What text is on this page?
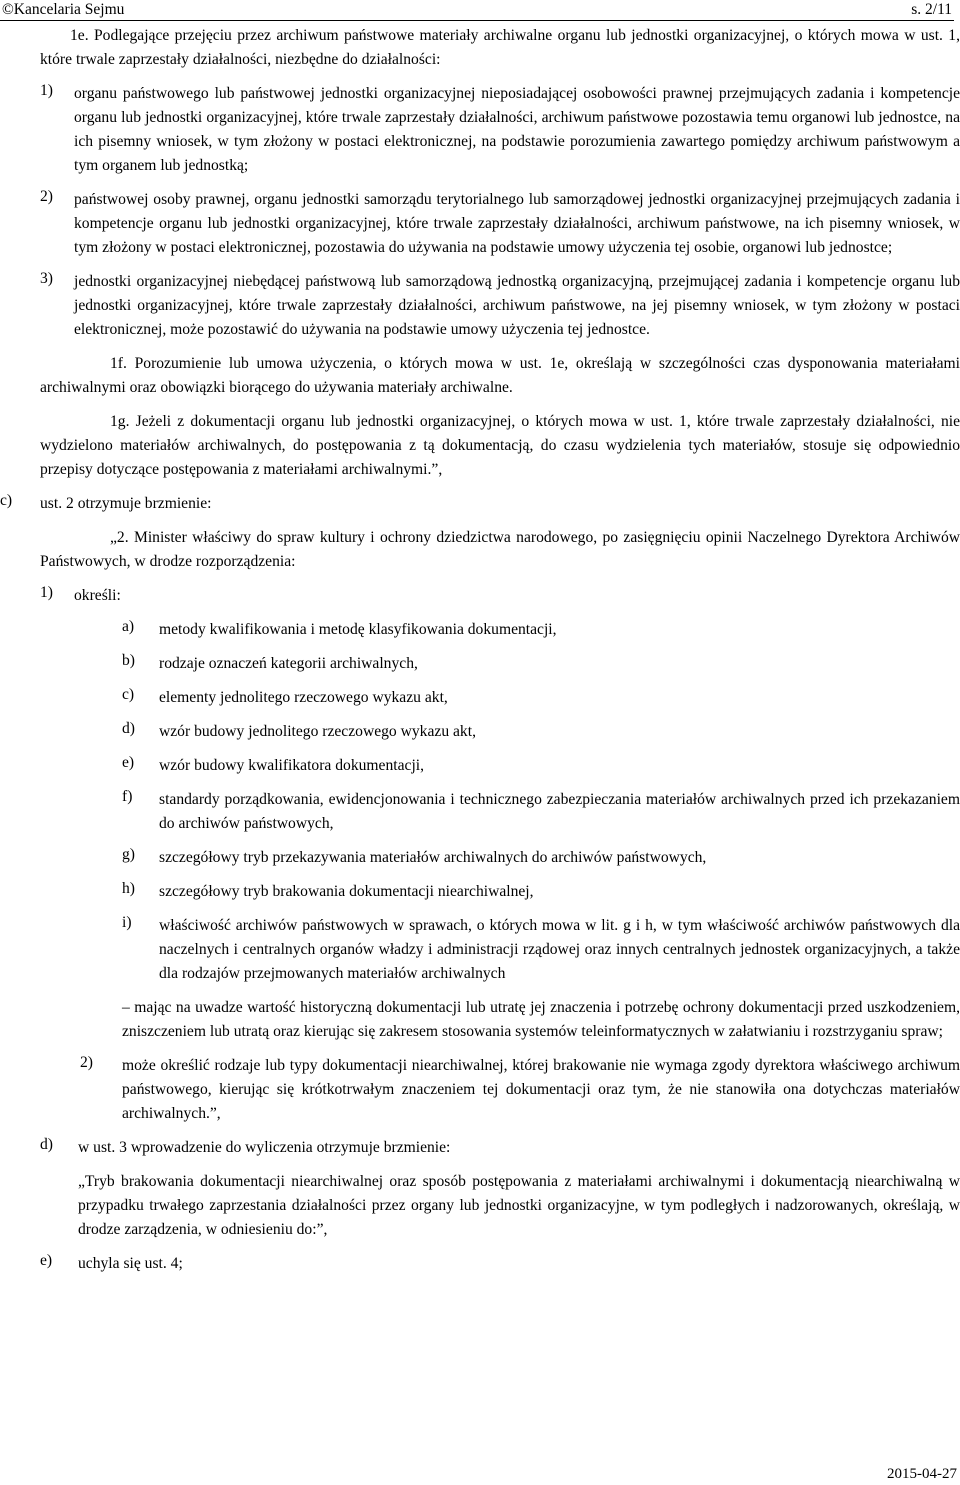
©Kancelaria Sejmu	s. 2/11

1e. Podlegające przejęciu przez archiwum państwowe materiały archiwalne organu lub jednostki organizacyjnej, o których mowa w ust. 1, które trwale zaprzestały działalności, niezbędne do działalności:

1) organu państwowego lub państwowej jednostki organizacyjnej nieposiadającej osobowości prawnej przejmujących zadania i kompetencje organu lub jednostki organizacyjnej, które trwale zaprzestały działalności, archiwum państwowe pozostawia temu organowi lub jednostce, na ich pisemny wniosek, w tym złożony w postaci elektronicznej, na podstawie porozumienia zawartego pomiędzy archiwum państwowym a tym organem lub jednostką;

2) państwowej osoby prawnej, organu jednostki samorządu terytorialnego lub samorządowej jednostki organizacyjnej przejmujących zadania i kompetencje organu lub jednostki organizacyjnej, które trwale zaprzestały działalności, archiwum państwowe, na ich pisemny wniosek, w tym złożony w postaci elektronicznej, pozostawia do używania na podstawie umowy użyczenia tej osobie, organowi lub jednostce;

3) jednostki organizacyjnej niebędącej państwową lub samorządową jednostką organizacyjną, przejmującej zadania i kompetencje organu lub jednostki organizacyjnej, które trwale zaprzestały działalności, archiwum państwowe, na jej pisemny wniosek, w tym złożony w postaci elektronicznej, może pozostawić do używania na podstawie umowy użyczenia tej jednostce.

1f. Porozumienie lub umowa użyczenia, o których mowa w ust. 1e, określają w szczególności czas dysponowania materiałami archiwalnymi oraz obowiązki biorącego do używania materiały archiwalne.

1g. Jeżeli z dokumentacji organu lub jednostki organizacyjnej, o których mowa w ust. 1, które trwale zaprzestały działalności, nie wydzielono materiałów archiwalnych, do postępowania z tą dokumentacją, do czasu wydzielenia tych materiałów, stosuje się odpowiednio przepisy dotyczące postępowania z materiałami archiwalnymi.”,

c) ust. 2 otrzymuje brzmienie:

„2. Minister właściwy do spraw kultury i ochrony dziedzictwa narodowego, po zasięgnięciu opinii Naczelnego Dyrektora Archiwów Państwowych, w drodze rozporządzenia:

1) określi:

a) metody kwalifikowania i metodę klasyfikowania dokumentacji,

b) rodzaje oznaczeń kategorii archiwalnych,

c) elementy jednolitego rzeczowego wykazu akt,

d) wzór budowy jednolitego rzeczowego wykazu akt,

e) wzór budowy kwalifikatora dokumentacji,

f) standardy porządkowania, ewidencjonowania i technicznego zabezpieczania materiałów archiwalnych przed ich przekazaniem do archiwów państwowych,

g) szczegółowy tryb przekazywania materiałów archiwalnych do archiwów państwowych,

h) szczegółowy tryb brakowania dokumentacji niearchiwalnej,

i) właściwość archiwów państwowych w sprawach, o których mowa w lit. g i h, w tym właściwość archiwów państwowych dla naczelnych i centralnych organów władzy i administracji rządowej oraz innych centralnych jednostek organizacyjnych, a także dla rodzajów przejmowanych materiałów archiwalnych

– mając na uwadze wartość historyczną dokumentacji lub utratę jej znaczenia i potrzebę ochrony dokumentacji przed uszkodzeniem, zniszczeniem lub utratą oraz kierując się zakresem stosowania systemów teleinformatycznych w załatwianiu i rozstrzyganiu spraw;

2) może określić rodzaje lub typy dokumentacji niearchiwalnej, której brakowanie nie wymaga zgody dyrektora właściwego archiwum państwowego, kierując się krótkotrwałym znaczeniem tej dokumentacji oraz tym, że nie stanowiła ona dotychczas materiałów archiwalnych.”,

d) w ust. 3 wprowadzenie do wyliczenia otrzymuje brzmienie:

„Tryb brakowania dokumentacji niearchiwalnej oraz sposób postępowania z materiałami archiwalnymi i dokumentacją niearchiwalną w przypadku trwałego zaprzestania działalności przez organy lub jednostki organizacyjne, w tym podległych i nadzorowanych, określają, w drodze zarządzenia, w odniesieniu do:”,

e) uchyla się ust. 4;

2015-04-27
